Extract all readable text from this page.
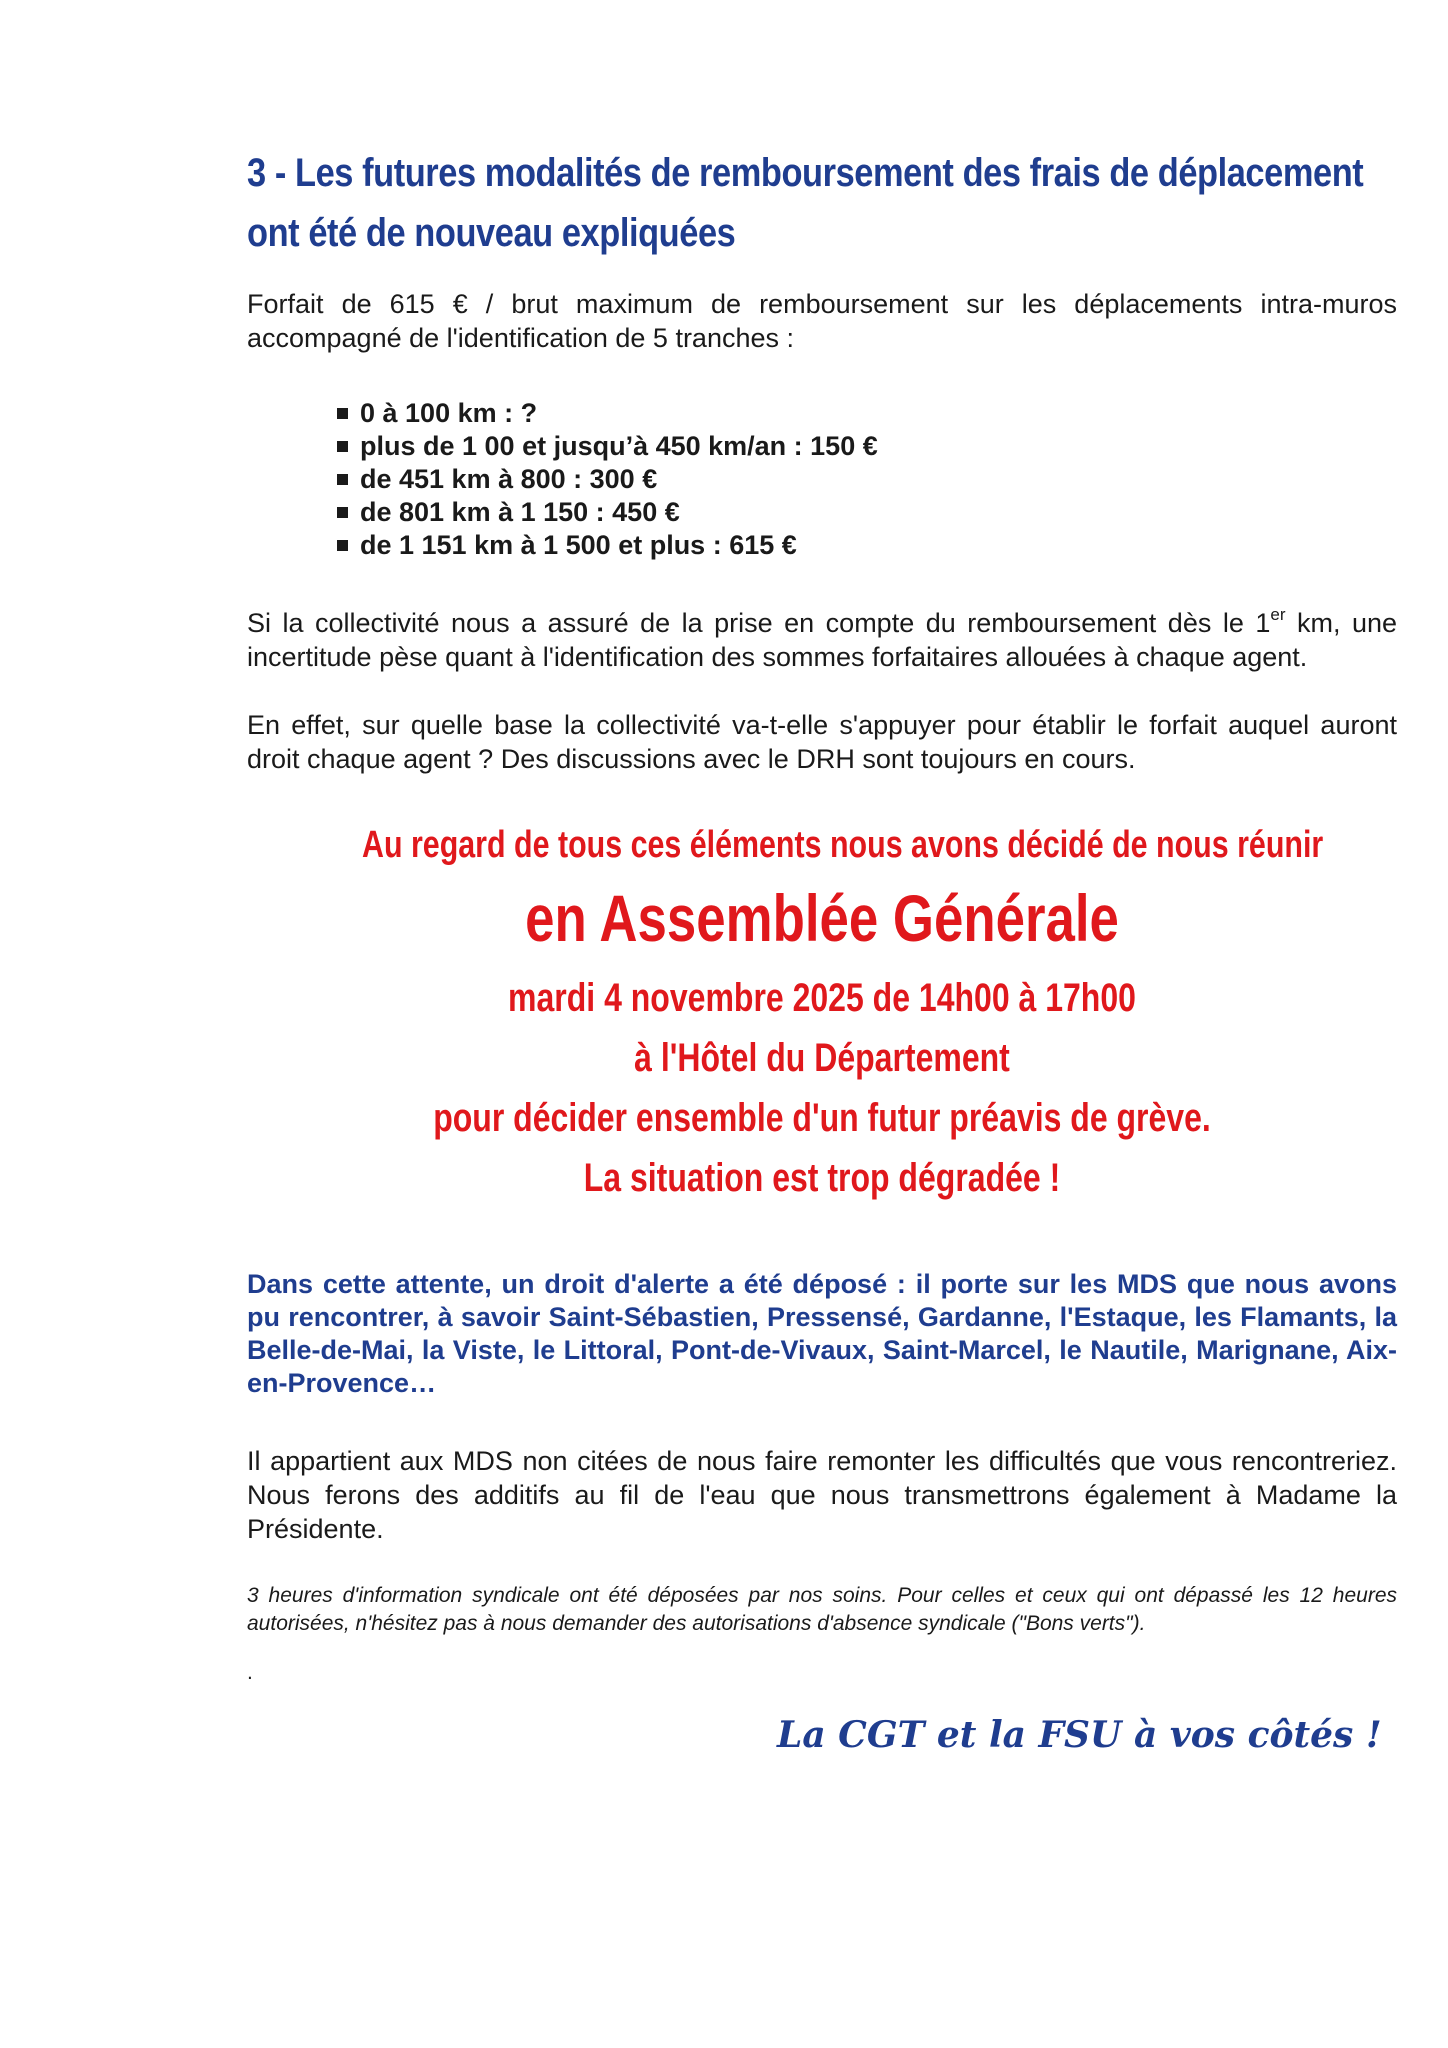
3 - Les futures modalités de remboursement des frais de déplacement
ont été de nouveau expliquées

Forfait de 615 € / brut maximum de remboursement sur les déplacements intra-muros accompagné de l'identification de 5 tranches :

0 à 100 km : ?
plus de 1 00 et jusqu’à 450 km/an : 150 €
de 451 km à 800 : 300 €
de 801 km à 1 150 : 450 €
de 1 151 km à 1 500 et plus : 615 €

Si la collectivité nous a assuré de la prise en compte du remboursement dès le 1er km, une incertitude pèse quant à l'identification des sommes forfaitaires allouées à chaque agent.

En effet, sur quelle base la collectivité va-t-elle s'appuyer pour établir le forfait auquel auront droit chaque agent ? Des discussions avec le DRH sont toujours en cours.

Au regard de tous ces éléments nous avons décidé de nous réunir
en Assemblée Générale
mardi 4 novembre 2025 de 14h00 à 17h00
à l'Hôtel du Département
pour décider ensemble d'un futur préavis de grève.
La situation est trop dégradée !

Dans cette attente, un droit d'alerte a été déposé : il porte sur les MDS que nous avons pu rencontrer, à savoir Saint-Sébastien, Pressensé, Gardanne, l'Estaque, les Flamants, la Belle-de-Mai, la Viste, le Littoral, Pont-de-Vivaux, Saint-Marcel, le Nautile, Marignane, Aix-en-Provence…

Il appartient aux MDS non citées de nous faire remonter les difficultés que vous rencontreriez. Nous ferons des additifs au fil de l'eau que nous transmettrons également à Madame la Présidente.

3 heures d'information syndicale ont été déposées par nos soins. Pour celles et ceux qui ont dépassé les 12 heures autorisées, n'hésitez pas à nous demander des autorisations d'absence syndicale ("Bons verts").

.

La CGT et la FSU à vos côtés !
